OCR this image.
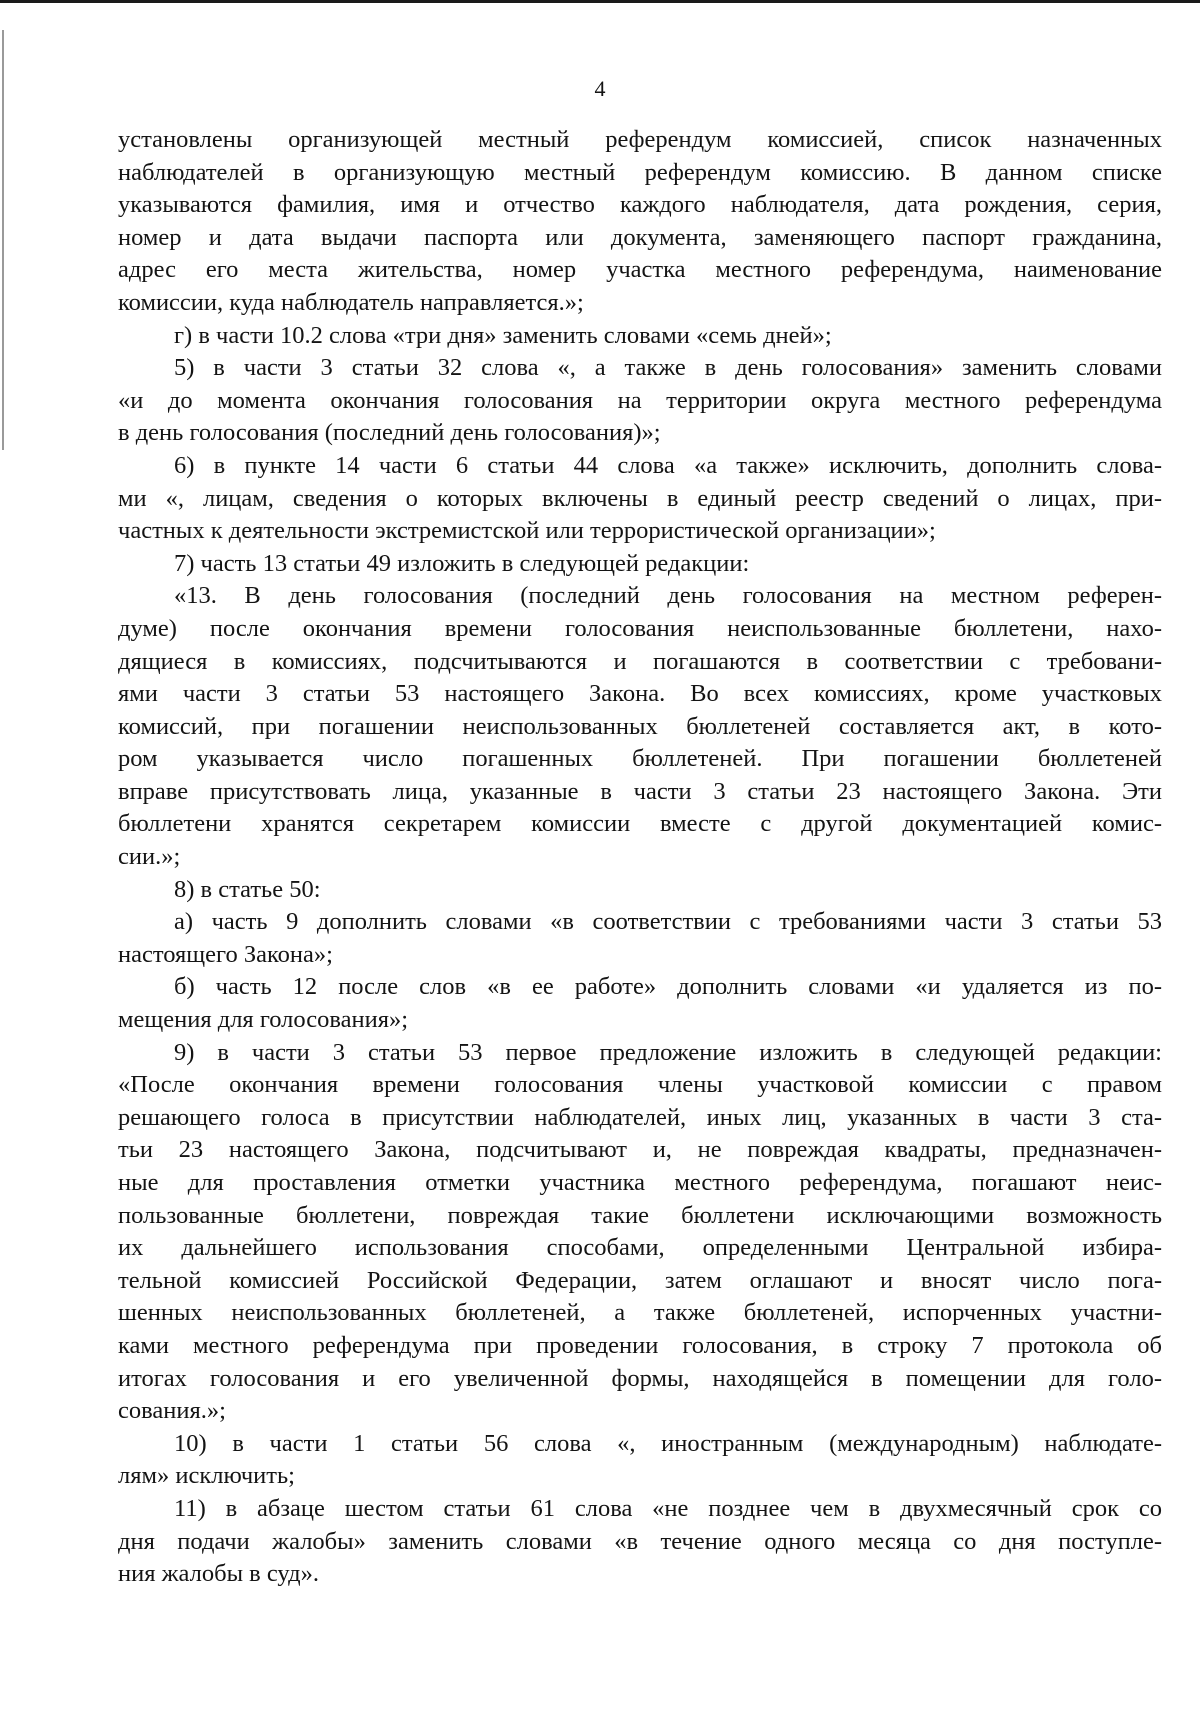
4

установлены организующей местный референдум комиссией, список назначенных

наблюдателей в организующую местный референдум комиссию. В данном списке

указываются фамилия, имя и отчество каждого наблюдателя, дата рождения, серия,

номер и дата выдачи паспорта или документа, заменяющего паспорт гражданина,

адрес его места жительства, номер участка местного референдума, наименование

комиссии, куда наблюдатель направляется.»;

г) в части 10.2 слова «три дня» заменить словами «семь дней»;

5) в части 3 статьи 32 слова «, а также в день голосования» заменить словами

«и до момента окончания голосования на территории округа местного референдума

в день голосования (последний день голосования)»;

6) в пункте 14 части 6 статьи 44 слова «а также» исключить, дополнить слова-

ми «, лицам, сведения о которых включены в единый реестр сведений о лицах, при-

частных к деятельности экстремистской или террористической организации»;

7) часть 13 статьи 49 изложить в следующей редакции:

«13. В день голосования (последний день голосования на местном референ-

думе) после окончания времени голосования неиспользованные бюллетени, нахо-

дящиеся в комиссиях, подсчитываются и погашаются в соответствии с требовани-

ями части 3 статьи 53 настоящего Закона. Во всех комиссиях, кроме участковых

комиссий, при погашении неиспользованных бюллетеней составляется акт, в кото-

ром указывается число погашенных бюллетеней. При погашении бюллетеней

вправе присутствовать лица, указанные в части 3 статьи 23 настоящего Закона. Эти

бюллетени хранятся секретарем комиссии вместе с другой документацией комис-

сии.»;

8) в статье 50:

а) часть 9 дополнить словами «в соответствии с требованиями части 3 статьи 53

настоящего Закона»;

б) часть 12 после слов «в ее работе» дополнить словами «и удаляется из по-

мещения для голосования»;

9) в части 3 статьи 53 первое предложение изложить в следующей редакции:

«После окончания времени голосования члены участковой комиссии с правом

решающего голоса в присутствии наблюдателей, иных лиц, указанных в части 3 ста-

тьи 23 настоящего Закона, подсчитывают и, не повреждая квадраты, предназначен-

ные для проставления отметки участника местного референдума, погашают неис-

пользованные бюллетени, повреждая такие бюллетени исключающими возможность

их дальнейшего использования способами, определенными Центральной избира-

тельной комиссией Российской Федерации, затем оглашают и вносят число пога-

шенных неиспользованных бюллетеней, а также бюллетеней, испорченных участни-

ками местного референдума при проведении голосования, в строку 7 протокола об

итогах голосования и его увеличенной формы, находящейся в помещении для голо-

сования.»;

10) в части 1 статьи 56 слова «, иностранным (международным) наблюдате-

лям» исключить;

11) в абзаце шестом статьи 61 слова «не позднее чем в двухмесячный срок со

дня подачи жалобы» заменить словами «в течение одного месяца со дня поступле-

ния жалобы в суд».
